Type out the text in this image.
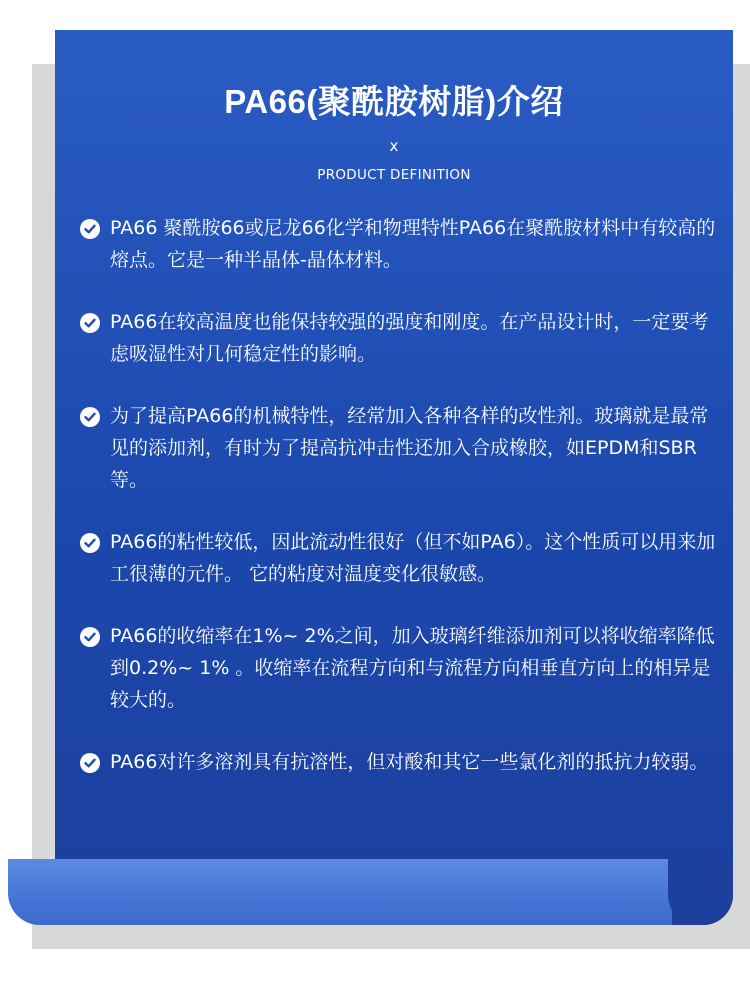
PA66(聚酰胺树脂)介绍
x
PRODUCT DEFINITION
PA66 聚酰胺66或尼龙66化学和物理特性PA66在聚酰胺材料中有较高的熔点。它是一种半晶体-晶体材料。
PA66在较高温度也能保持较强的强度和刚度。在产品设计时，一定要考虑吸湿性对几何稳定性的影响。
为了提高PA66的机械特性，经常加入各种各样的改性剂。玻璃就是最常见的添加剂，有时为了提高抗冲击性还加入合成橡胶，如EPDM和SBR等。
PA66的粘性较低，因此流动性很好（但不如PA6）。这个性质可以用来加工很薄的元件。 它的粘度对温度变化很敏感。
PA66的收缩率在1%~ 2%之间，加入玻璃纤维添加剂可以将收缩率降低到0.2%~ 1% 。收缩率在流程方向和与流程方向相垂直方向上的相异是较大的。
PA66对许多溶剂具有抗溶性，但对酸和其它一些氯化剂的抵抗力较弱。
